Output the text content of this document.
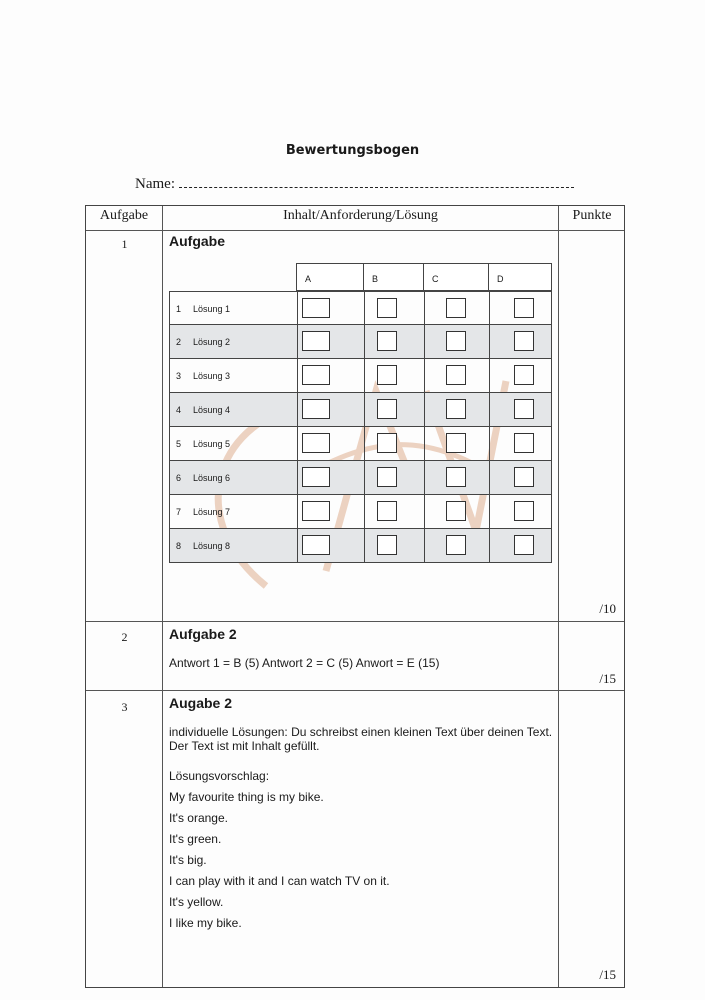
Bewertungsbogen
Name:
Aufgabe	Inhalt/Anforderung/Lösung	Punkte
1	Aufgabe
A	B	C	D
1 Lösung 1
2 Lösung 2
3 Lösung 3
4 Lösung 4
5 Lösung 5
6 Lösung 6
7 Lösung 7
8 Lösung 8
/10
2	Aufgabe 2
Antwort 1 = B (5) Antwort 2 = C (5) Anwort = E (15)
/15
3	Augabe 2
individuelle Lösungen: Du schreibst einen kleinen Text über deinen Text.
Der Text ist mit Inhalt gefüllt.
Lösungsvorschlag:
My favourite thing is my bike.
It's orange.
It's green.
It's big.
I can play with it and I can watch TV on it.
It's yellow.
I like my bike.
/15
